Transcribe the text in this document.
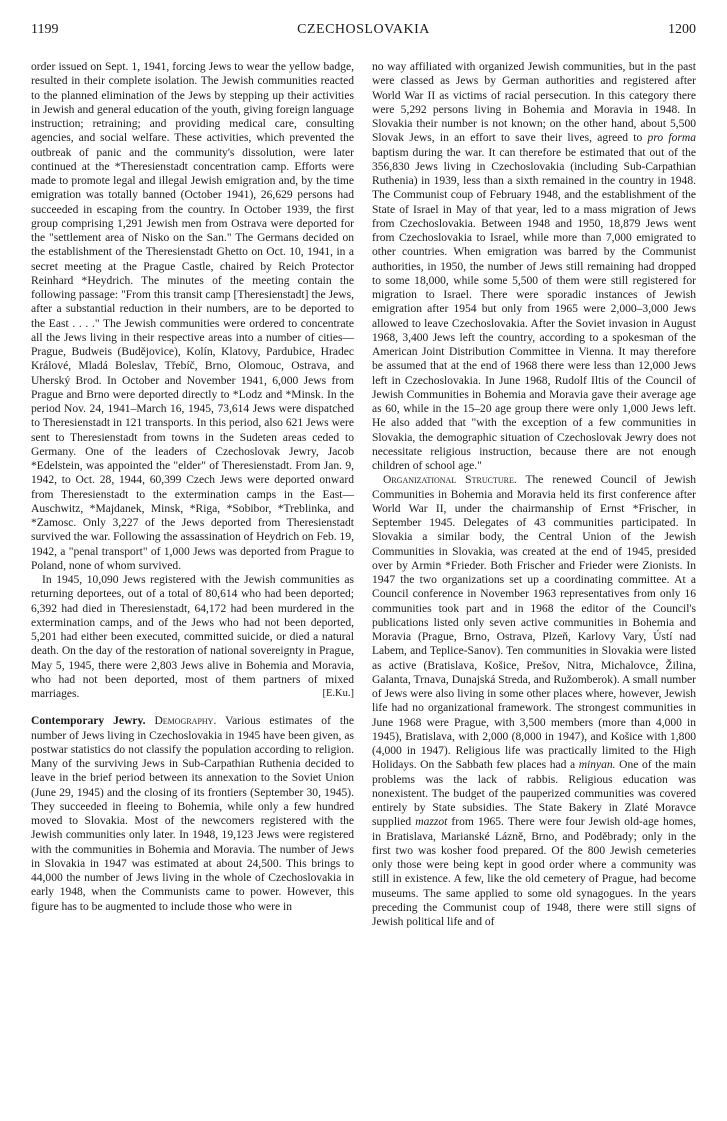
1199	CZECHOSLOVAKIA	1200

order issued on Sept. 1, 1941, forcing Jews to wear the yellow badge, resulted in their complete isolation. The Jewish communities reacted to the planned elimination of the Jews by stepping up their activities in Jewish and general education of the youth, giving foreign language instruction; retraining; and providing medical care, consulting agencies, and social welfare. These activities, which prevented the outbreak of panic and the community's dissolution, were later continued at the *Theresienstadt concentration camp. Efforts were made to promote legal and illegal Jewish emigration and, by the time emigration was totally banned (October 1941), 26,629 persons had succeeded in escaping from the country. In October 1939, the first group comprising 1,291 Jewish men from Ostrava were deported for the "settlement area of Nisko on the San." The Germans decided on the establishment of the Theresienstadt Ghetto on Oct. 10, 1941, in a secret meeting at the Prague Castle, chaired by Reich Protector Reinhard *Heydrich. The minutes of the meeting contain the following passage: "From this transit camp [Theresienstadt] the Jews, after a substantial reduction in their numbers, are to be deported to the East . . . ." The Jewish communities were ordered to concentrate all the Jews living in their respective areas into a number of cities—Prague, Budweis (Budějovice), Kolín, Klatovy, Pardubice, Hradec Králové, Mladá Boleslav, Třebíč, Brno, Olomouc, Ostrava, and Uherský Brod. In October and November 1941, 6,000 Jews from Prague and Brno were deported directly to *Lodz and *Minsk. In the period Nov. 24, 1941–March 16, 1945, 73,614 Jews were dispatched to Theresienstadt in 121 transports. In this period, also 621 Jews were sent to Theresienstadt from towns in the Sudeten areas ceded to Germany. One of the leaders of Czechoslovak Jewry, Jacob *Edelstein, was appointed the "elder" of Theresienstadt. From Jan. 9, 1942, to Oct. 28, 1944, 60,399 Czech Jews were deported onward from Theresienstadt to the extermination camps in the East—Auschwitz, *Majdanek, Minsk, *Riga, *Sobibor, *Treblinka, and *Zamosc. Only 3,227 of the Jews deported from Theresienstadt survived the war. Following the assassination of Heydrich on Feb. 19, 1942, a "penal transport" of 1,000 Jews was deported from Prague to Poland, none of whom survived.

In 1945, 10,090 Jews registered with the Jewish communities as returning deportees, out of a total of 80,614 who had been deported; 6,392 had died in Theresienstadt, 64,172 had been murdered in the extermination camps, and of the Jews who had not been deported, 5,201 had either been executed, committed suicide, or died a natural death. On the day of the restoration of national sovereignty in Prague, May 5, 1945, there were 2,803 Jews alive in Bohemia and Moravia, who had not been deported, most of them partners of mixed marriages.	[E.Ku.]

Contemporary Jewry. Demography. Various estimates of the number of Jews living in Czechoslovakia in 1945 have been given, as postwar statistics do not classify the population according to religion. Many of the surviving Jews in Sub-Carpathian Ruthenia decided to leave in the brief period between its annexation to the Soviet Union (June 29, 1945) and the closing of its frontiers (September 30, 1945). They succeeded in fleeing to Bohemia, while only a few hundred moved to Slovakia. Most of the newcomers registered with the Jewish communities only later. In 1948, 19,123 Jews were registered with the communities in Bohemia and Moravia. The number of Jews in Slovakia in 1947 was estimated at about 24,500. This brings to 44,000 the number of Jews living in the whole of Czechoslovakia in early 1948, when the Communists came to power. However, this figure has to be augmented to include those who were in

no way affiliated with organized Jewish communities, but in the past were classed as Jews by German authorities and registered after World War II as victims of racial persecution. In this category there were 5,292 persons living in Bohemia and Moravia in 1948. In Slovakia their number is not known; on the other hand, about 5,500 Slovak Jews, in an effort to save their lives, agreed to pro forma baptism during the war. It can therefore be estimated that out of the 356,830 Jews living in Czechoslovakia (including Sub-Carpathian Ruthenia) in 1939, less than a sixth remained in the country in 1948. The Communist coup of February 1948, and the establishment of the State of Israel in May of that year, led to a mass migration of Jews from Czechoslovakia. Between 1948 and 1950, 18,879 Jews went from Czechoslovakia to Israel, while more than 7,000 emigrated to other countries. When emigration was barred by the Communist authorities, in 1950, the number of Jews still remaining had dropped to some 18,000, while some 5,500 of them were still registered for migration to Israel. There were sporadic instances of Jewish emigration after 1954 but only from 1965 were 2,000–3,000 Jews allowed to leave Czechoslovakia. After the Soviet invasion in August 1968, 3,400 Jews left the country, according to a spokesman of the American Joint Distribution Committee in Vienna. It may therefore be assumed that at the end of 1968 there were less than 12,000 Jews left in Czechoslovakia. In June 1968, Rudolf Iltis of the Council of Jewish Communities in Bohemia and Moravia gave their average age as 60, while in the 15–20 age group there were only 1,000 Jews left. He also added that "with the exception of a few communities in Slovakia, the demographic situation of Czechoslovak Jewry does not necessitate religious instruction, because there are not enough children of school age."

Organizational Structure. The renewed Council of Jewish Communities in Bohemia and Moravia held its first conference after World War II, under the chairmanship of Ernst *Frischer, in September 1945. Delegates of 43 communities participated. In Slovakia a similar body, the Central Union of the Jewish Communities in Slovakia, was created at the end of 1945, presided over by Armin *Frieder. Both Frischer and Frieder were Zionists. In 1947 the two organizations set up a coordinating committee. At a Council conference in November 1963 representatives from only 16 communities took part and in 1968 the editor of the Council's publications listed only seven active communities in Bohemia and Moravia (Prague, Brno, Ostrava, Plzeň, Karlovy Vary, Ústí nad Labem, and Teplice-Sanov). Ten communities in Slovakia were listed as active (Bratislava, Košice, Prešov, Nitra, Michalovce, Žilina, Galanta, Trnava, Dunajská Streda, and Ružomberok). A small number of Jews were also living in some other places where, however, Jewish life had no organizational framework. The strongest communities in June 1968 were Prague, with 3,500 members (more than 4,000 in 1945), Bratislava, with 2,000 (8,000 in 1947), and Košice with 1,800 (4,000 in 1947). Religious life was practically limited to the High Holidays. On the Sabbath few places had a minyan. One of the main problems was the lack of rabbis. Religious education was nonexistent. The budget of the pauperized communities was covered entirely by State subsidies. The State Bakery in Zlaté Moravce supplied mazzot from 1965. There were four Jewish old-age homes, in Bratislava, Marianské Lázně, Brno, and Poděbrady; only in the first two was kosher food prepared. Of the 800 Jewish cemeteries only those were being kept in good order where a community was still in existence. A few, like the old cemetery of Prague, had become museums. The same applied to some old synagogues. In the years preceding the Communist coup of 1948, there were still signs of Jewish political life and of
